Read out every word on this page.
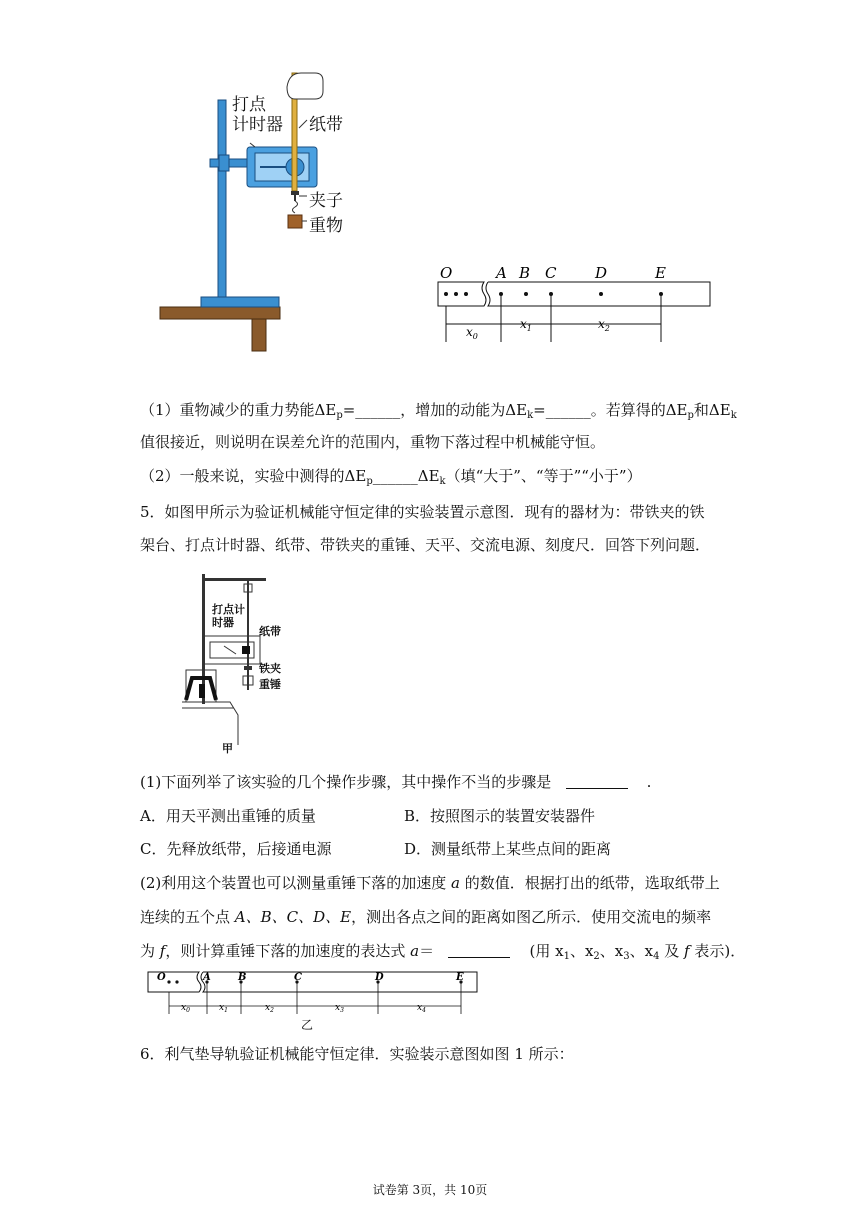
打点
计时器 纸带
夹子
重物
O	A B C	D	E
$x_0$
$x_1$	$x_2$
（1）重物减少的重力势能$\Delta E_p=\_\_\_\_\_\_$，增加的动能为$\Delta E_k=\_\_\_\_\_\_$。若算得的$\Delta E_p$和$\Delta E_k$
值很接近，则说明在误差允许的范围内，重物下落过程中机械能守恒。
（2）一般来说，实验中测得的$\Delta E_p\_\_\_\_\_\_\Delta E_k$（填“大于”、“等于”“小于”）
5．如图甲所示为验证机械能守恒定律的实验装置示意图．现有的器材为：带铁夹的铁
架台、打点计时器、纸带、带铁夹的重锤、天平、交流电源、刻度尺．回答下列问题．
打点计
时器
纸带
铁夹
重锤
甲
(1)下面列举了该实验的几个操作步骤，其中操作不当的步骤是	.
A．用天平测出重锤的质量	B．按照图示的装置安装器件
C．先释放纸带，后接通电源	D．测量纸带上某些点间的距离
(2)利用这个装置也可以测量重锤下落的加速度 a 的数值．根据打出的纸带，选取纸带上
连续的五个点 A、B、C、D、E，测出各点之间的距离如图乙所示．使用交流电的频率
为 f，则计算重锤下落的加速度的表达式 a＝	(用 $x_1$、$x_2$、$x_3$、$x_4$ 及 f 表示)．
O	A	B	C	D	E
$x_0$	$x_1$	$x_2$	$x_3$	$x_4$
乙
6．利气垫导轨验证机械能守恒定律．实验装示意图如图 1 所示：
试卷第 3页，共 10页
